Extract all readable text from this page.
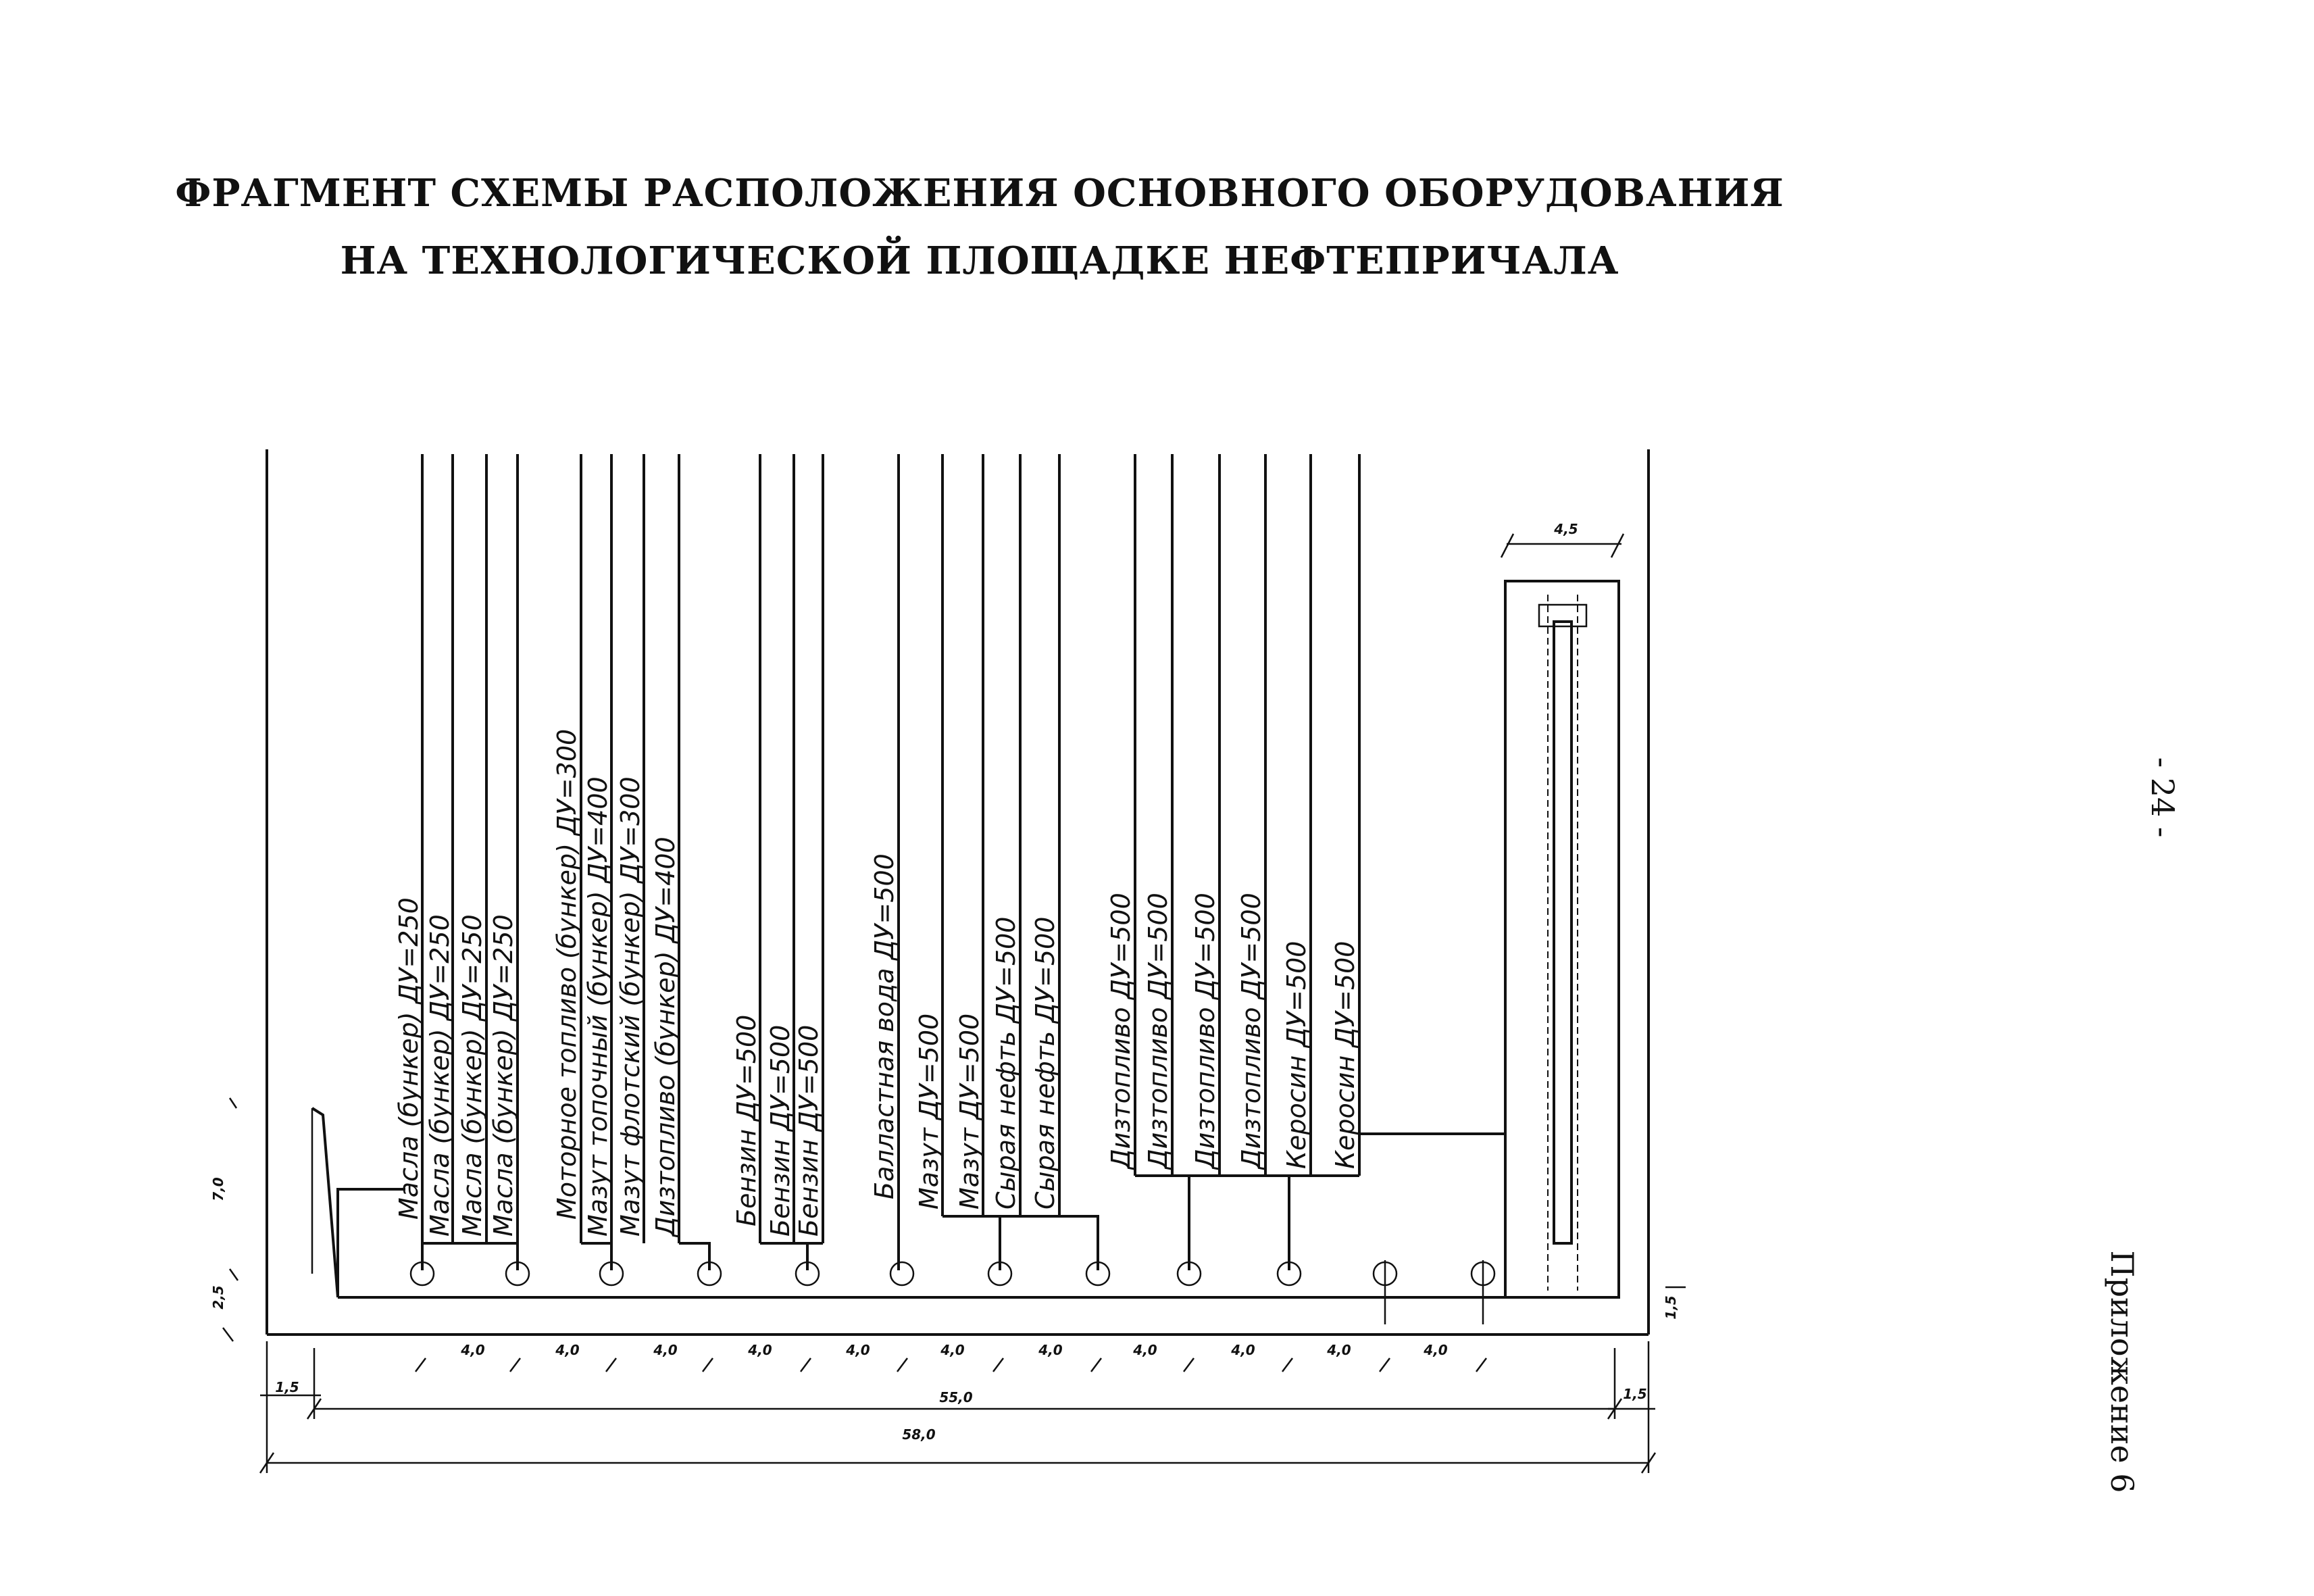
ФРАГМЕНТ СХЕМЫ РАСПОЛОЖЕНИЯ ОСНОВНОГО ОБОРУДОВАНИЯ
НА ТЕХНОЛОГИЧЕСКОЙ ПЛОЩАДКЕ НЕФТЕПРИЧАЛА
- 24 -
Приложение 6
4,5
Масла (бункер) ДУ=250 Масла (бункер) ДУ=250 Масла (бункер) ДУ=250 Масла (бункер) ДУ=250 Моторное топливо (бункер) ДУ=300 Мазут топочный (бункер) ДУ=400 Мазут флотский (бункер) ДУ=300 Дизтопливо (бункер) ДУ=400 Бензин ДУ=500 Бензин ДУ=500
Бензин ДУ=500 Балластная вода ДУ=500 Мазут ДУ=500 Мазут ДУ=500 Сырая нефть ДУ=500 Сырая нефть ДУ=500 Дизтопливо ДУ=500 Дизтопливо ДУ=500 Дизтопливо ДУ=500 Дизтопливо ДУ=500 Керосин ДУ=500 Керосин ДУ=500
7,0
2,5	1,5
4,0	4,0	4,0	4,0	4,0	4,0	4,0	4,0	4,0	4,0	4,0
55,0
58,0
1,5	1,5
